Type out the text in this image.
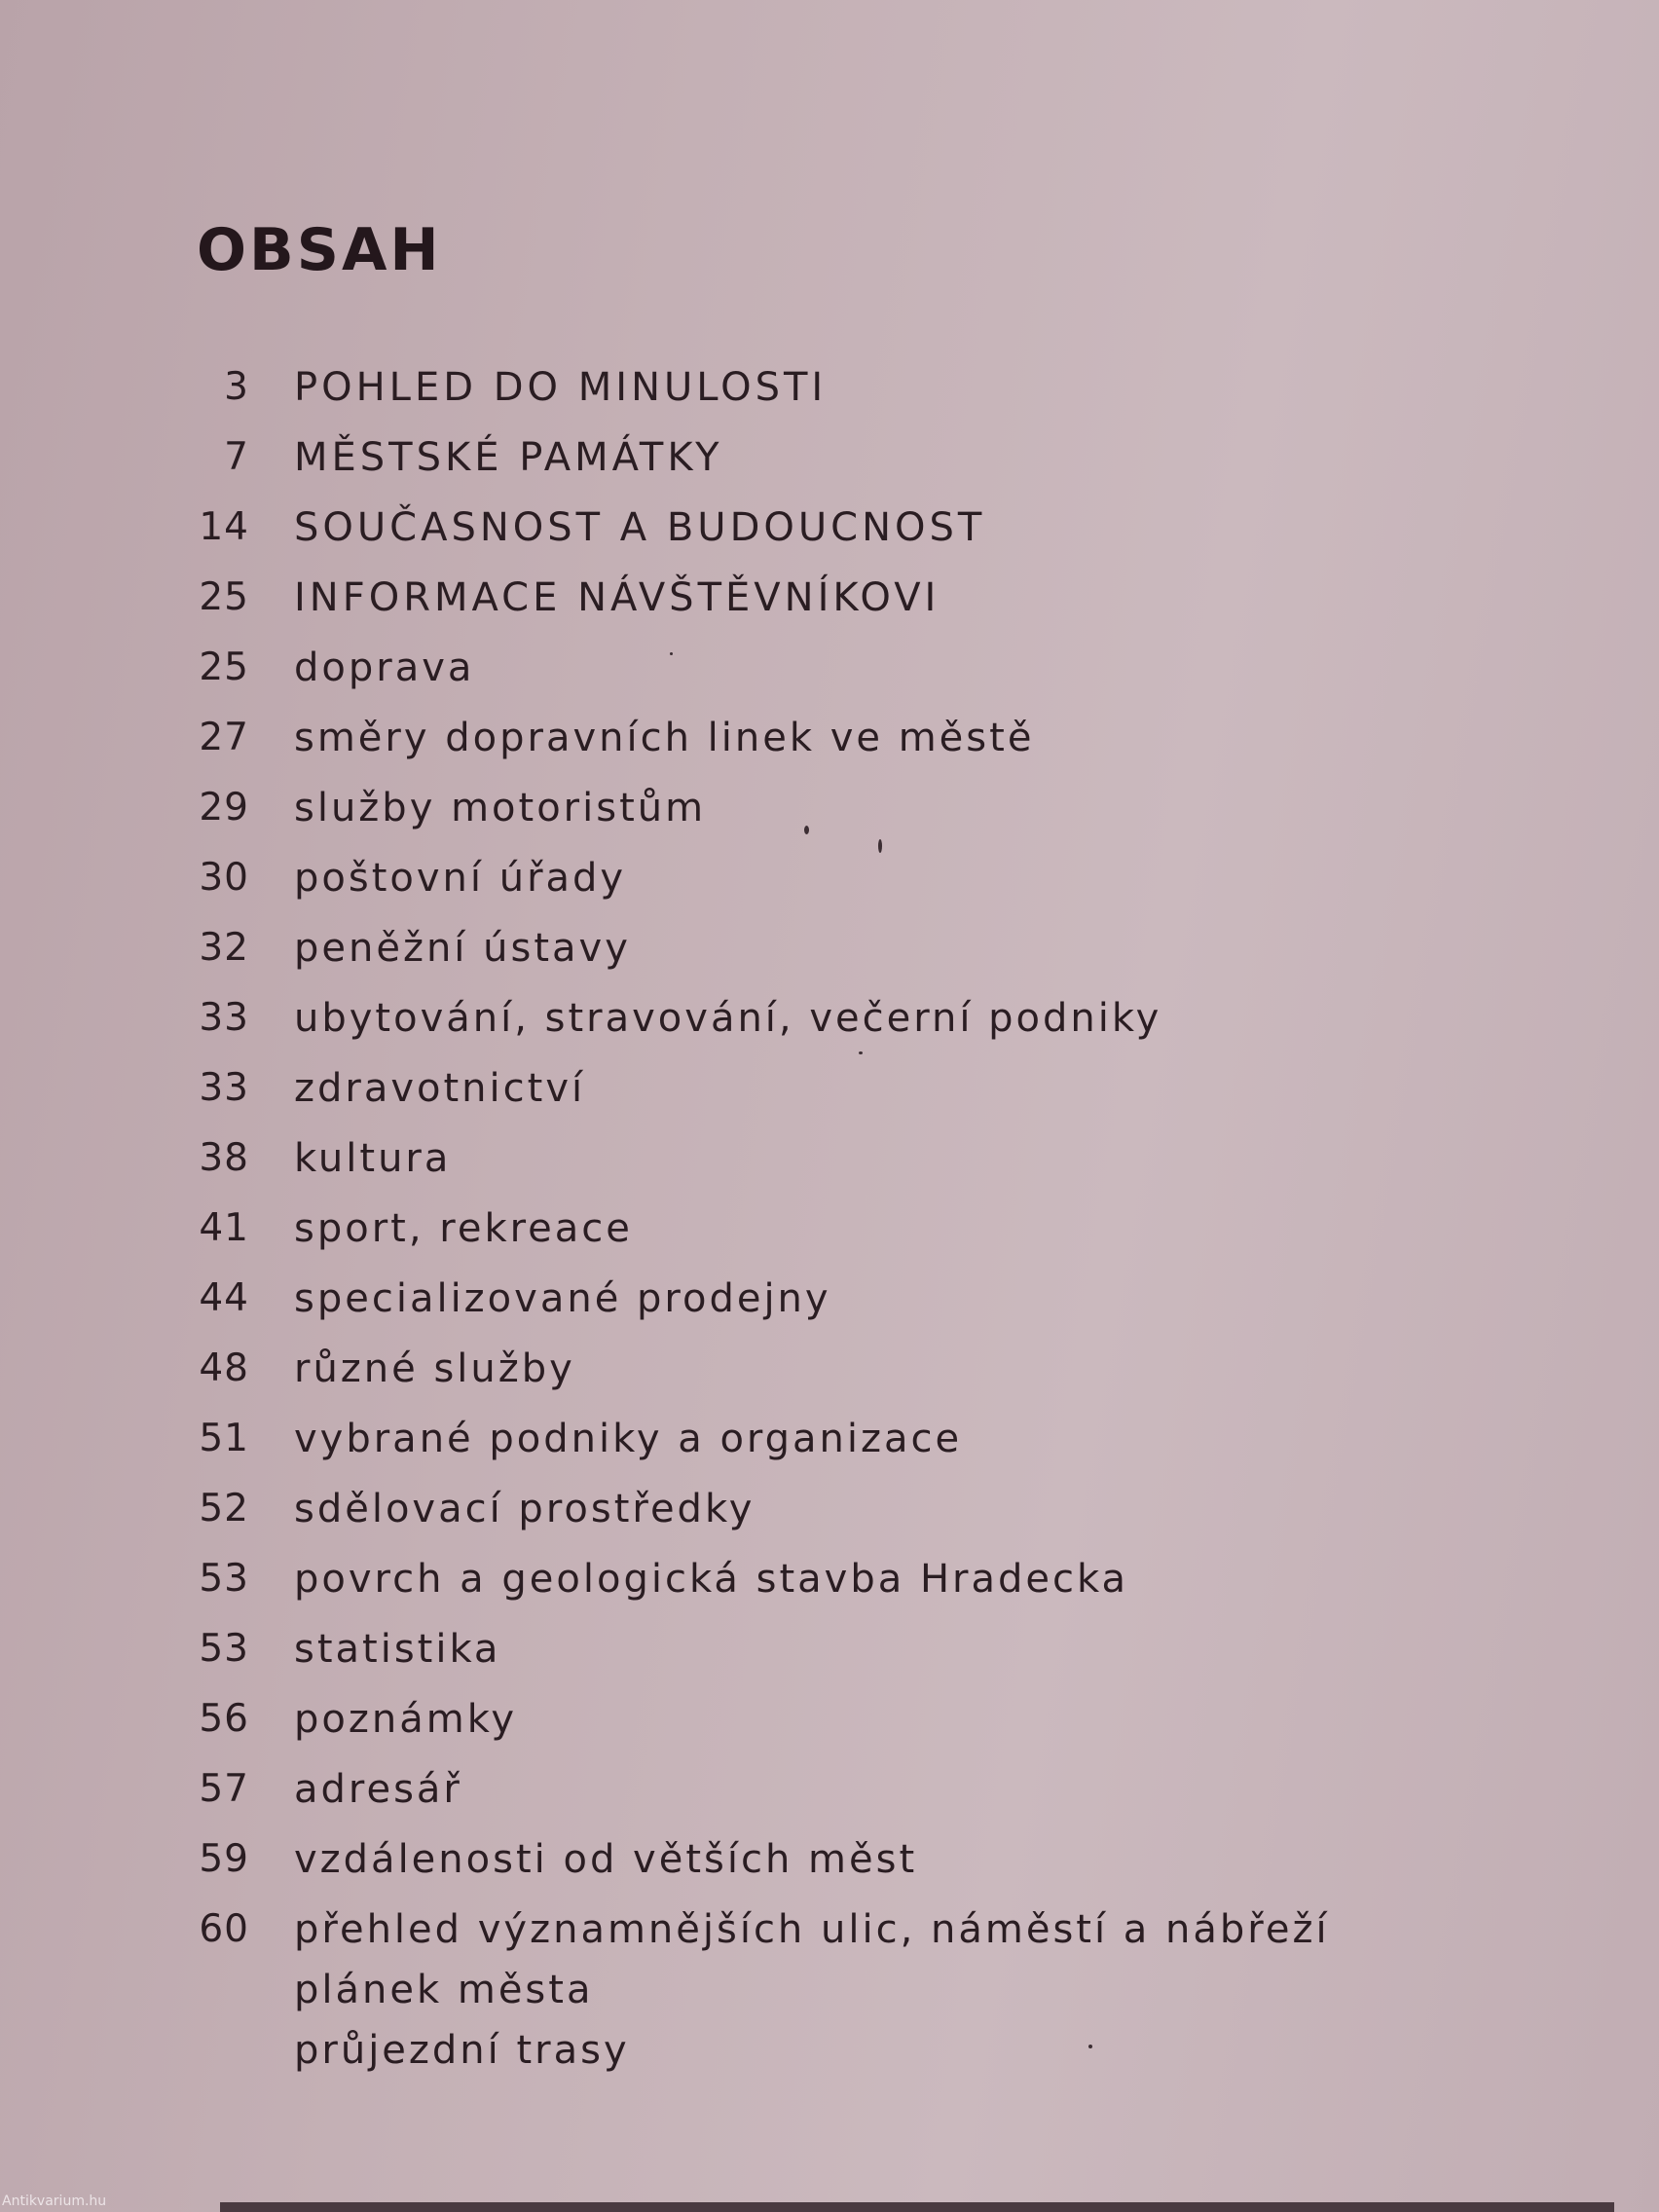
OBSAH
3 POHLED DO MINULOSTI
7 MĚSTSKÉ PAMÁTKY
14 SOUČASNOST A BUDOUCNOST
25 INFORMACE NÁVŠTĚVNÍKOVI
25 doprava
27 směry dopravních linek ve městě
29 služby motoristům
30 poštovní úřady
32 peněžní ústavy
33 ubytování, stravování, večerní podniky
33 zdravotnictví
38 kultura
41 sport, rekreace
44 specializované prodejny
48 různé služby
51 vybrané podniky a organizace
52 sdělovací prostředky
53 povrch a geologická stavba Hradecka
53 statistika
56 poznámky
57 adresář
59 vzdálenosti od větších měst
60 přehled významnějších ulic, náměstí a nábřeží
plánek města
průjezdní trasy
Antikvarium.hu
